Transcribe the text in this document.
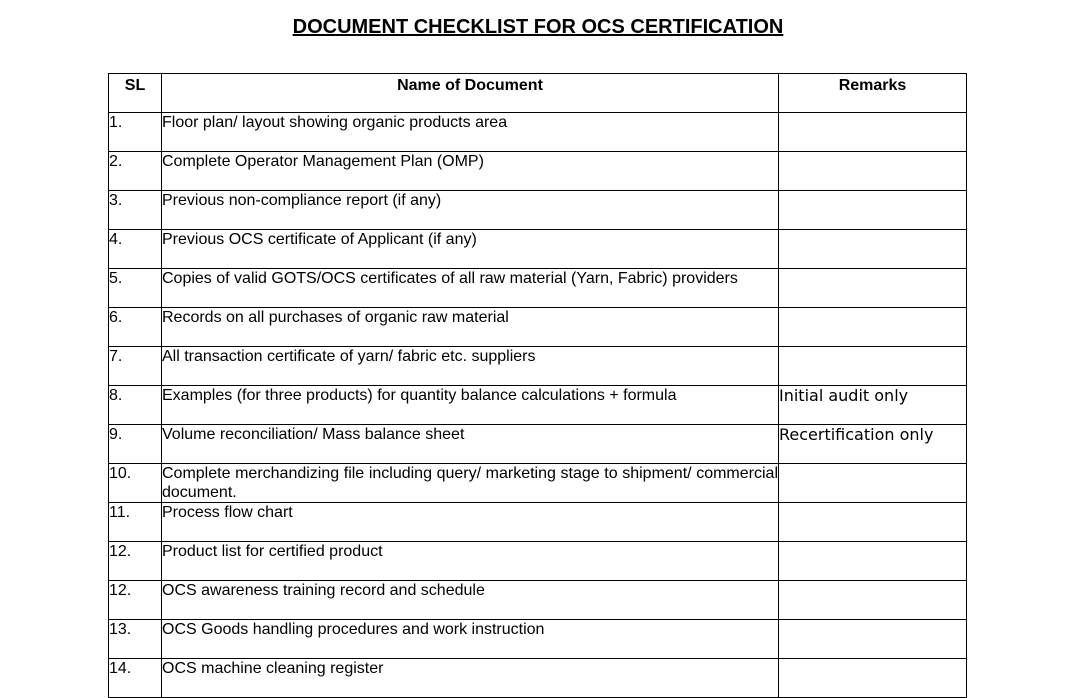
DOCUMENT CHECKLIST FOR OCS CERTIFICATION
SL	Name of Document	Remarks
1.	Floor plan/ layout showing organic products area	
2.	Complete Operator Management Plan (OMP)	
3.	Previous non-compliance report (if any)	
4.	Previous OCS certificate of Applicant (if any)	
5.	Copies of valid GOTS/OCS certificates of all raw material (Yarn, Fabric) providers	
6.	Records on all purchases of organic raw material	
7.	All transaction certificate of yarn/ fabric etc. suppliers	
8.	Examples (for three products) for quantity balance calculations + formula	Initial audit only
9.	Volume reconciliation/ Mass balance sheet	Recertification only
10.	Complete merchandizing file including query/ marketing stage to shipment/ commercial document.	
11.	Process flow chart	
12.	Product list for certified product	
12.	OCS awareness training record and schedule	
13.	OCS Goods handling procedures and work instruction	
14.	OCS machine cleaning register	
